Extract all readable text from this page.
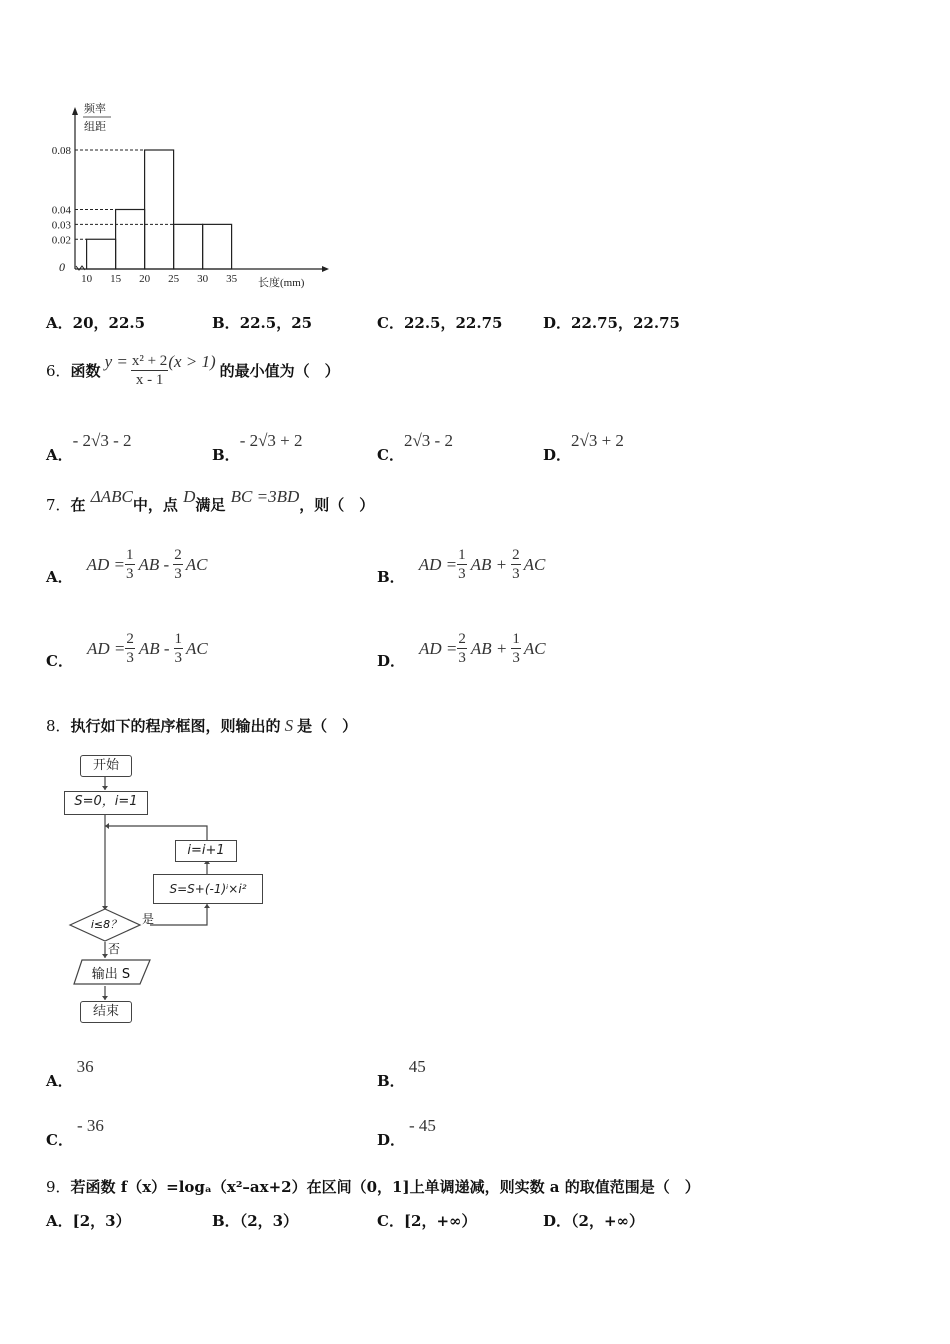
0.08
0.04
0.03
0.02
10 15 20 25 30 35
0
长度(mm)
频率
组距
A．20，22.5	B．22.5，25	C．22.5，22.75	D．22.75，22.75
6． 函数 $y = \frac{\text{x² + 2}}{x - 1} (x > 1)$ 的最小值为（　）
A．- 2√3 - 2
B．- 2√3 + 2
C．2√3 - 2
D．2√3 + 2
7．在 ΔABC中，点 D满足 BC =3BD，则（　）
A．
AD = $\frac{1}{3}$ AB - $\frac{2}{3}$ AC
B．
AD = $\frac{1}{3}$ AB + $\frac{2}{3}$ AC
C．
AD = $\frac{2}{3}$ AB - $\frac{1}{3}$ AC
D．
AD = $\frac{2}{3}$ AB + $\frac{1}{3}$ AC
8．执行如下的程序框图，则输出的 S 是（　）
开始
S=0，i=1
i=i+1
S=S+(-1)ⁱ×i²
i≤8？	是
否
输出 S
结束
A．36
B．45
C．- 36
D．- 45
9．若函数 f（x）=logₐ（x²–ax+2）在区间（0，1]上单调递减，则实数 a 的取值范围是（　）
A．[2，3）	B．（2，3）	C．[2，+∞）	D．（2，+∞）
